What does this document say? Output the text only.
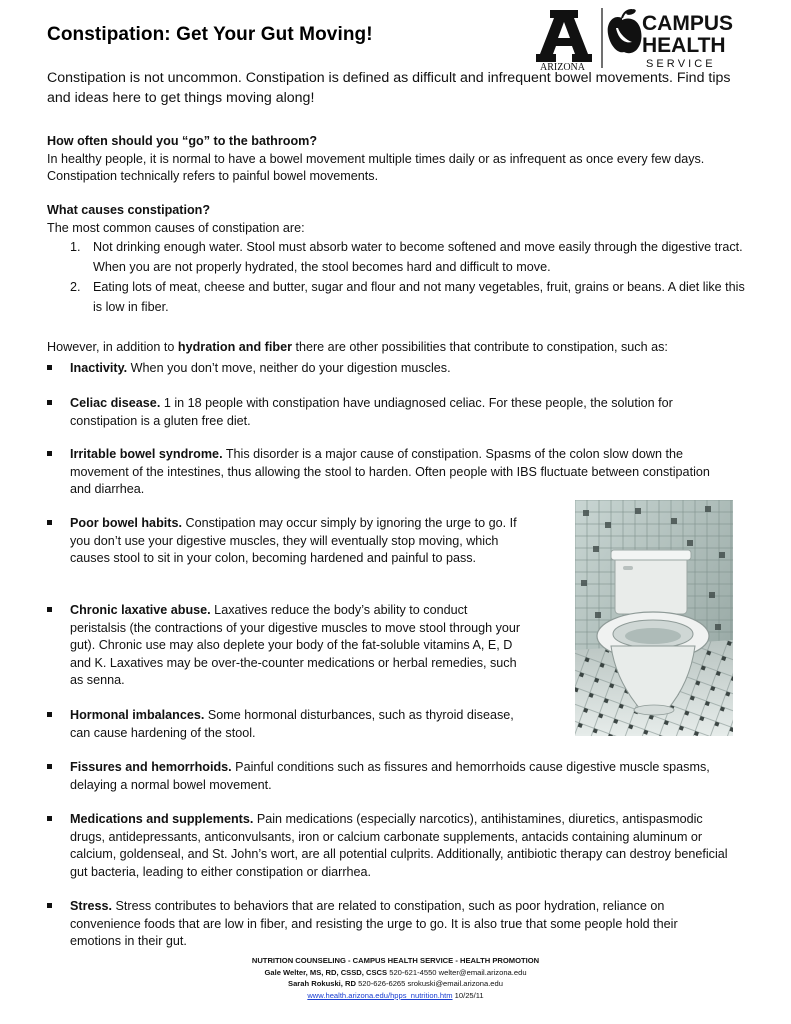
Constipation: Get Your Gut Moving!
ARIZONA
CAMPUS
HEALTH
S E R V I C E
Constipation is not uncommon. Constipation is defined as difficult and infrequent bowel movements. Find tips and ideas here to get things moving along!
How often should you “go” to the bathroom?
In healthy people, it is normal to have a bowel movement multiple times daily or as infrequent as once every few days. Constipation technically refers to painful bowel movements.
What causes constipation?
The most common causes of constipation are:
1. Not drinking enough water. Stool must absorb water to become softened and move easily through the digestive tract. When you are not properly hydrated, the stool becomes hard and difficult to move.
2. Eating lots of meat, cheese and butter, sugar and flour and not many vegetables, fruit, grains or beans. A diet like this is low in fiber.
However, in addition to hydration and fiber there are other possibilities that contribute to constipation, such as:
Inactivity. When you don’t move, neither do your digestion muscles.
Celiac disease. 1 in 18 people with constipation have undiagnosed celiac. For these people, the solution for constipation is a gluten free diet.
Irritable bowel syndrome. This disorder is a major cause of constipation. Spasms of the colon slow down the movement of the intestines, thus allowing the stool to harden. Often people with IBS fluctuate between constipation and diarrhea.
Poor bowel habits. Constipation may occur simply by ignoring the urge to go. If you don’t use your digestive muscles, they will eventually stop moving, which causes stool to sit in your colon, becoming hardened and painful to pass.
Chronic laxative abuse. Laxatives reduce the body’s ability to conduct peristalsis (the contractions of your digestive muscles to move stool through your gut). Chronic use may also deplete your body of the fat-soluble vitamins A, E, D and K. Laxatives may be over-the-counter medications or herbal remedies, such as senna.
Hormonal imbalances. Some hormonal disturbances, such as thyroid disease, can cause hardening of the stool.
Fissures and hemorrhoids. Painful conditions such as fissures and hemorrhoids cause digestive muscle spasms, delaying a normal bowel movement.
Medications and supplements. Pain medications (especially narcotics), antihistamines, diuretics, antispasmodic drugs, antidepressants, anticonvulsants, iron or calcium carbonate supplements, antacids containing aluminum or calcium, goldenseal, and St. John’s wort, are all potential culprits. Additionally, antibiotic therapy can destroy beneficial gut bacteria, leading to either constipation or diarrhea.
Stress. Stress contributes to behaviors that are related to constipation, such as poor hydration, reliance on convenience foods that are low in fiber, and resisting the urge to go. It is also true that some people hold their emotions in their gut.
NUTRITION COUNSELING - CAMPUS HEALTH SERVICE - HEALTH PROMOTION
Gale Welter, MS, RD, CSSD, CSCS 520-621-4550 welter@email.arizona.edu
Sarah Rokuski, RD 520-626-6265 srokuski@email.arizona.edu
www.health.arizona.edu/hpps_nutrition.htm 10/25/11
